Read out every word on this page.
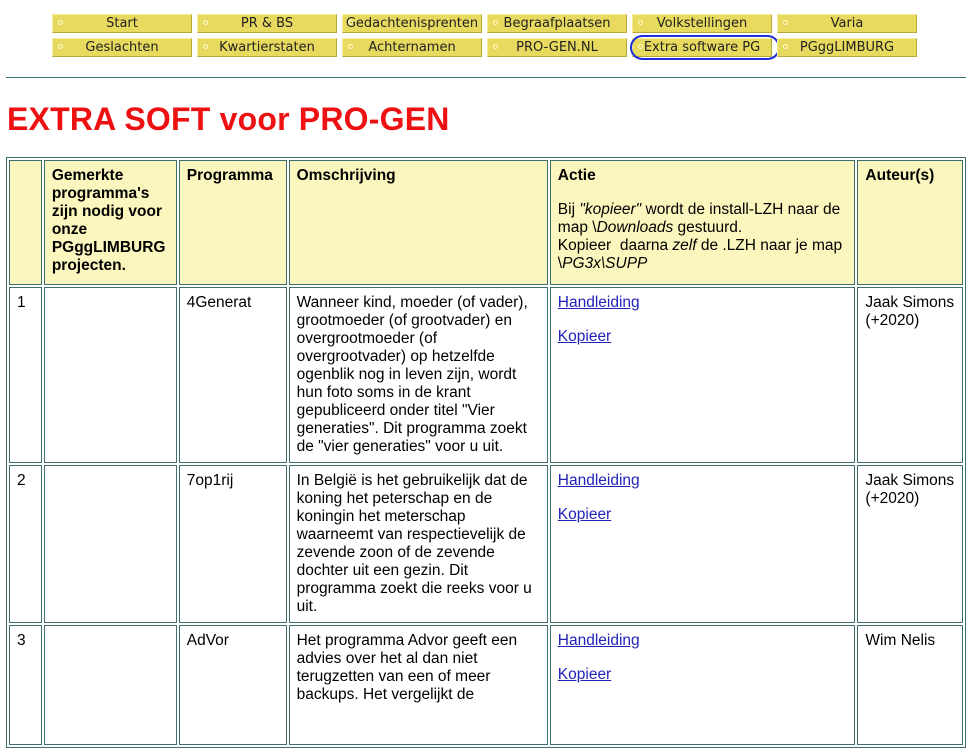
Start	PR & BS	Gedachtenisprenten	Begraafplaatsen	Volkstellingen	Varia
Geslachten	Kwartierstaten	Achternamen	PRO-GEN.NL	Extra software PG	PGggLIMBURG
EXTRA SOFT voor PRO-GEN
	Gemerkte programma's zijn nodig voor onze PGggLIMBURG projecten.	Programma	Omschrijving	Actie
Bij "kopieer" wordt de install-LZH naar de map \Downloads gestuurd.
Kopieer  daarna zelf de .LZH naar je map \PG3x\SUPP	Auteur(s)
1		4Generat	Wanneer kind, moeder (of vader), grootmoeder (of grootvader) en overgrootmoeder (of overgrootvader) op hetzelfde ogenblik nog in leven zijn, wordt hun foto soms in de krant gepubliceerd onder titel "Vier generaties". Dit programma zoekt de "vier generaties" voor u uit.	Handleiding
Kopieer	Jaak Simons (+2020)
2		7op1rij	In België is het gebruikelijk dat de koning het peterschap en de koningin het meterschap waarneemt van respectievelijk de zevende zoon of de zevende dochter uit een gezin. Dit programma zoekt die reeks voor u uit.	Handleiding
Kopieer	Jaak Simons (+2020)
3		AdVor	Het programma Advor geeft een advies over het al dan niet terugzetten van een of meer backups. Het vergelijkt de	Handleiding
Kopieer	Wim Nelis
